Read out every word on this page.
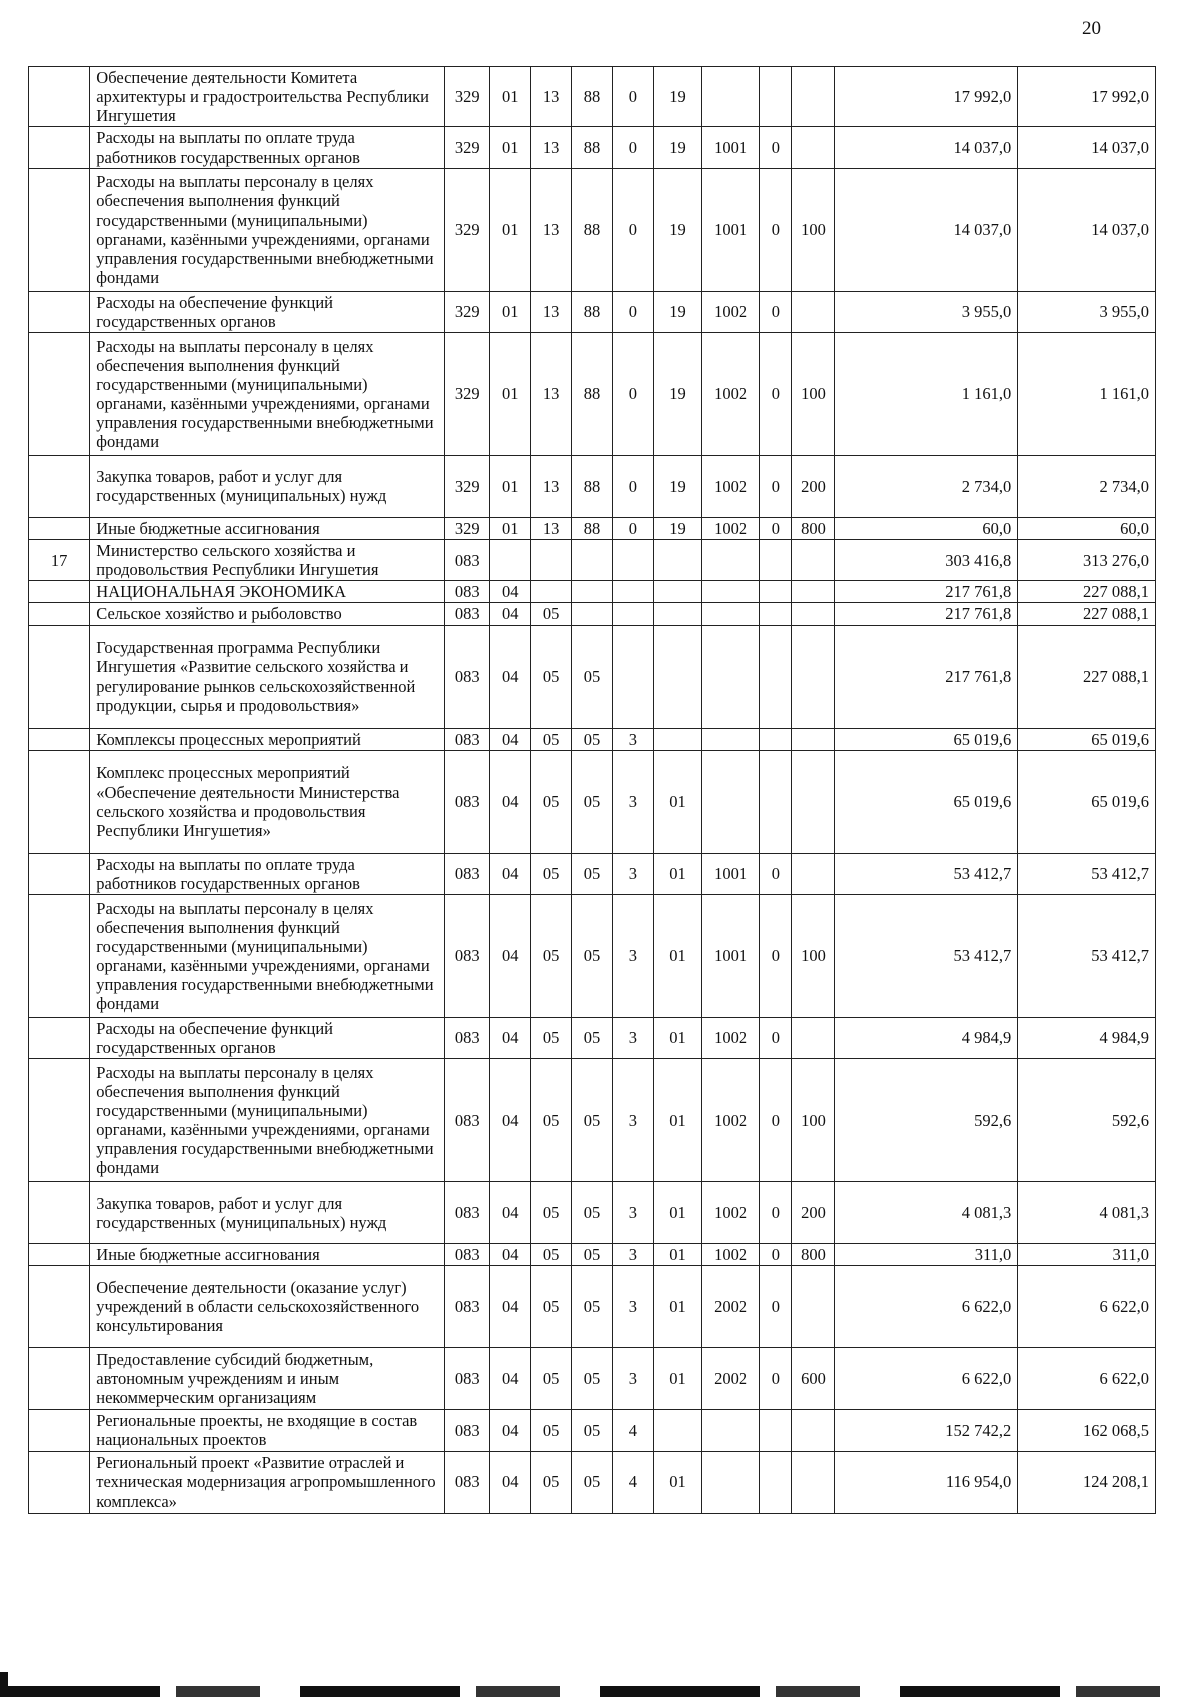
20
	Обеспечение деятельности Комитета архитектуры и градостроительства Республики Ингушетия	329	01	13	88	0	19				17 992,0	17 992,0
	Расходы на выплаты по оплате труда работников государственных органов	329	01	13	88	0	19	1001	0		14 037,0	14 037,0
	Расходы на выплаты персоналу в целях обеспечения выполнения функций государственными (муниципальными) органами, казёнными учреждениями, органами управления государственными внебюджетными фондами	329	01	13	88	0	19	1001	0	100	14 037,0	14 037,0
	Расходы на обеспечение функций государственных органов	329	01	13	88	0	19	1002	0		3 955,0	3 955,0
	Расходы на выплаты персоналу в целях обеспечения выполнения функций государственными (муниципальными) органами, казёнными учреждениями, органами управления государственными внебюджетными фондами	329	01	13	88	0	19	1002	0	100	1 161,0	1 161,0
	Закупка товаров, работ и услуг для государственных (муниципальных) нужд	329	01	13	88	0	19	1002	0	200	2 734,0	2 734,0
	Иные бюджетные ассигнования	329	01	13	88	0	19	1002	0	800	60,0	60,0
17	Министерство сельского хозяйства и продовольствия Республики Ингушетия	083									303 416,8	313 276,0
	НАЦИОНАЛЬНАЯ ЭКОНОМИКА	083	04								217 761,8	227 088,1
	Сельское хозяйство и рыболовство	083	04	05							217 761,8	227 088,1
	Государственная программа Республики Ингушетия «Развитие сельского хозяйства и регулирование рынков сельскохозяйственной продукции, сырья и продовольствия»	083	04	05	05						217 761,8	227 088,1
	Комплексы процессных мероприятий	083	04	05	05	3					65 019,6	65 019,6
	Комплекс процессных мероприятий «Обеспечение деятельности Министерства сельского хозяйства и продовольствия Республики Ингушетия»	083	04	05	05	3	01				65 019,6	65 019,6
	Расходы на выплаты по оплате труда работников государственных органов	083	04	05	05	3	01	1001	0		53 412,7	53 412,7
	Расходы на выплаты персоналу в целях обеспечения выполнения функций государственными (муниципальными) органами, казёнными учреждениями, органами управления государственными внебюджетными фондами	083	04	05	05	3	01	1001	0	100	53 412,7	53 412,7
	Расходы на обеспечение функций государственных органов	083	04	05	05	3	01	1002	0		4 984,9	4 984,9
	Расходы на выплаты персоналу в целях обеспечения выполнения функций государственными (муниципальными) органами, казёнными учреждениями, органами управления государственными внебюджетными фондами	083	04	05	05	3	01	1002	0	100	592,6	592,6
	Закупка товаров, работ и услуг для государственных (муниципальных) нужд	083	04	05	05	3	01	1002	0	200	4 081,3	4 081,3
	Иные бюджетные ассигнования	083	04	05	05	3	01	1002	0	800	311,0	311,0
	Обеспечение деятельности (оказание услуг) учреждений в области сельскохозяйственного консультирования	083	04	05	05	3	01	2002	0		6 622,0	6 622,0
	Предоставление субсидий бюджетным, автономным учреждениям и иным некоммерческим организациям	083	04	05	05	3	01	2002	0	600	6 622,0	6 622,0
	Региональные проекты, не входящие в состав национальных проектов	083	04	05	05	4					152 742,2	162 068,5
	Региональный проект «Развитие отраслей и техническая модернизация агропромышленного комплекса»	083	04	05	05	4	01				116 954,0	124 208,1
